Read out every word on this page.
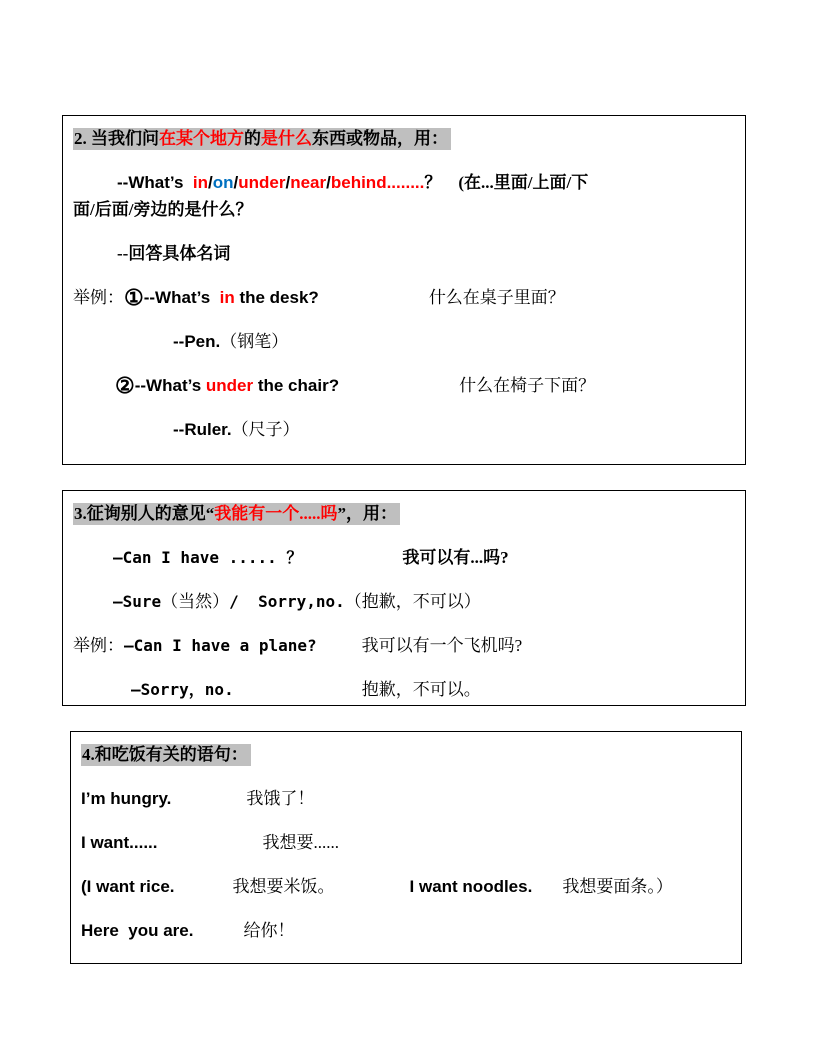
2. 当我们问在某个地方的是什么东西或物品，用：

--What’s  in/on/under/near/behind........？    (在...里面/上面/下
面/后面/旁边的是什么？

--回答具体名词

举例：①--What’s  in the desk?	什么在桌子里面？

--Pen.（钢笔）

②--What’s under the chair?	什么在椅子下面？

--Ruler.（尺子）

3.征询别人的意见“我能有一个.....吗”，用：

—Can I have ..... ？	我可以有...吗?

—Sure（当然）/  Sorry,no.（抱歉，不可以）

举例：—Can I have a plane?	我可以有一个飞机吗?

—Sorry，no.	抱歉，不可以。

4.和吃饭有关的语句：

I’m hungry.	我饿了！

I want......	我想要......

(I want rice.	我想要米饭。	I want noodles. 我想要面条。）

Here  you are.	给你！
